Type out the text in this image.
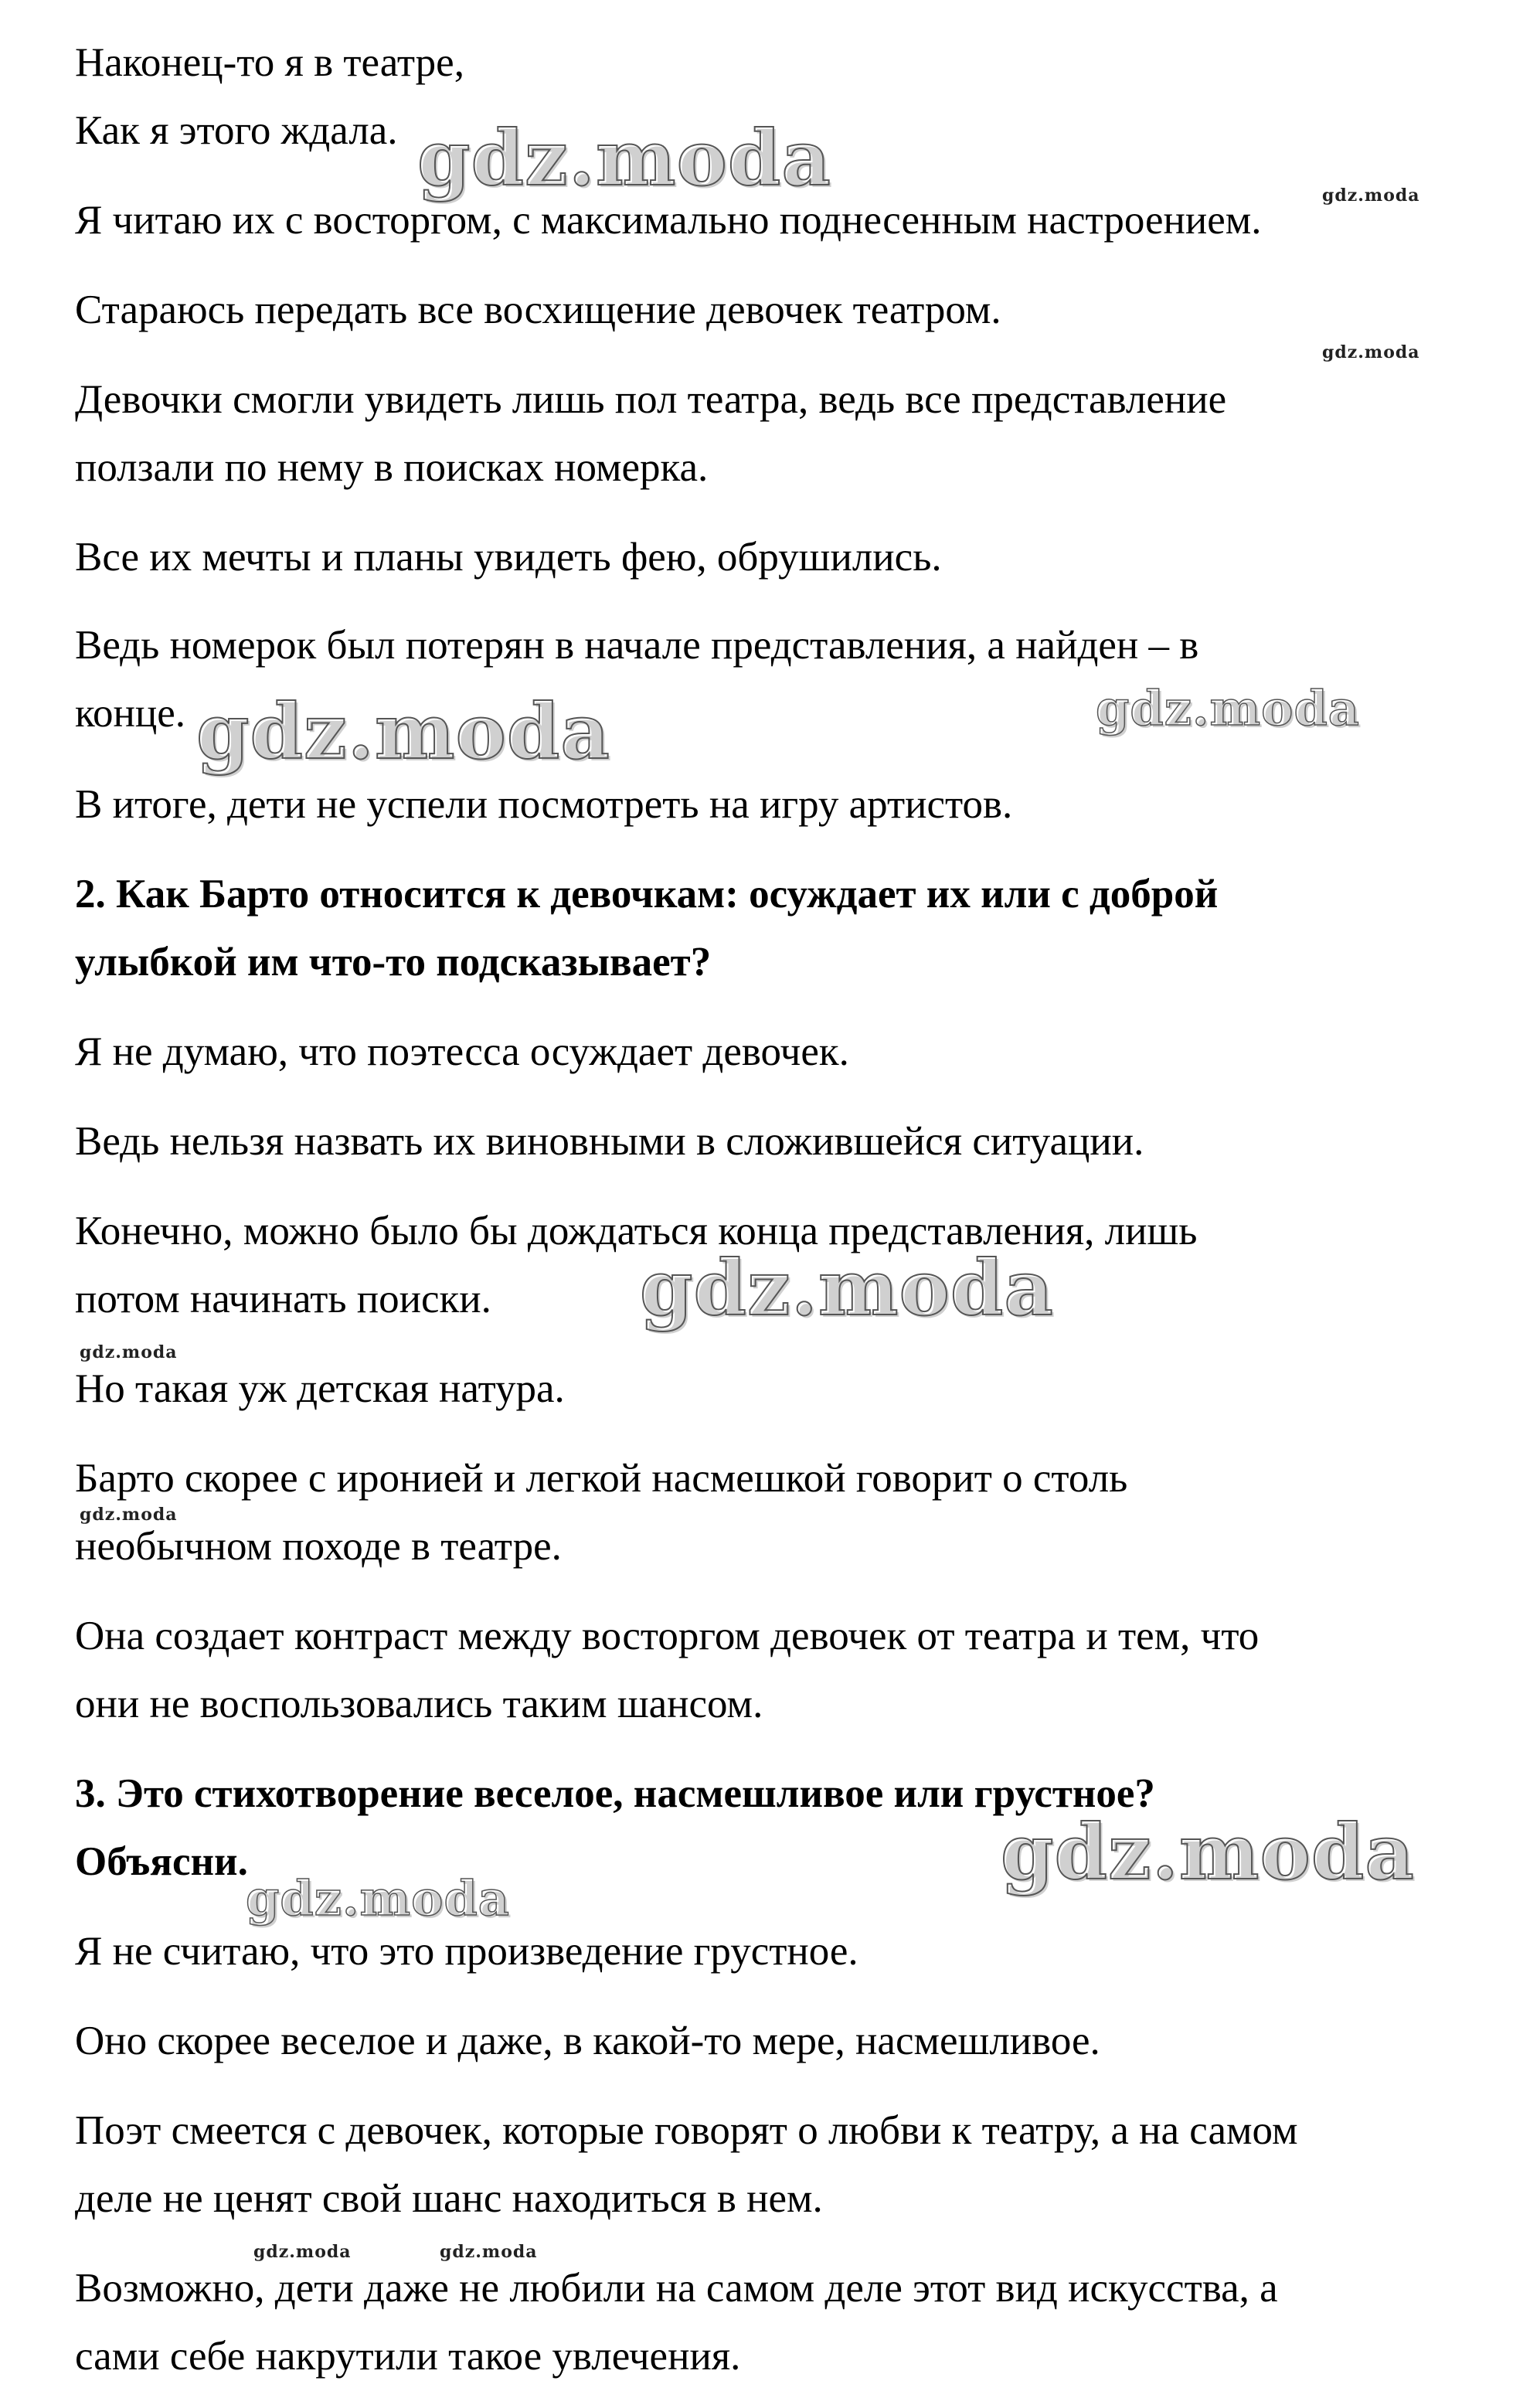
Наконец-то я в театре,
Как я этого ждала.
Я читаю их с восторгом, с максимально поднесенным настроением.
Стараюсь передать все восхищение девочек театром.
Девочки смогли увидеть лишь пол театра, ведь все представление
ползали по нему в поисках номерка.
Все их мечты и планы увидеть фею, обрушились.
Ведь номерок был потерян в начале представления, а найден – в
конце.
В итоге, дети не успели посмотреть на игру артистов.
2. Как Барто относится к девочкам: осуждает их или с доброй
улыбкой им что-то подсказывает?
Я не думаю, что поэтесса осуждает девочек.
Ведь нельзя назвать их виновными в сложившейся ситуации.
Конечно, можно было бы дождаться конца представления, лишь
потом начинать поиски.
Но такая уж детская натура.
Барто скорее с иронией и легкой насмешкой говорит о столь
необычном походе в театре.
Она создает контраст между восторгом девочек от театра и тем, что
они не воспользовались таким шансом.
3. Это стихотворение веселое, насмешливое или грустное?
Объясни.
Я не считаю, что это произведение грустное.
Оно скорее веселое и даже, в какой-то мере, насмешливое.
Поэт смеется с девочек, которые говорят о любви к театру, а на самом
деле не ценят свой шанс находиться в нем.
Возможно, дети даже не любили на самом деле этот вид искусства, а
сами себе накрутили такое увлечения.
gdz.moda	gdz.moda
gdz.moda
gdz.moda	gdz.moda
gdz.moda
gdz.moda
gdz.moda
gdz.moda
gdz.moda
gdz.moda	gdz.moda
